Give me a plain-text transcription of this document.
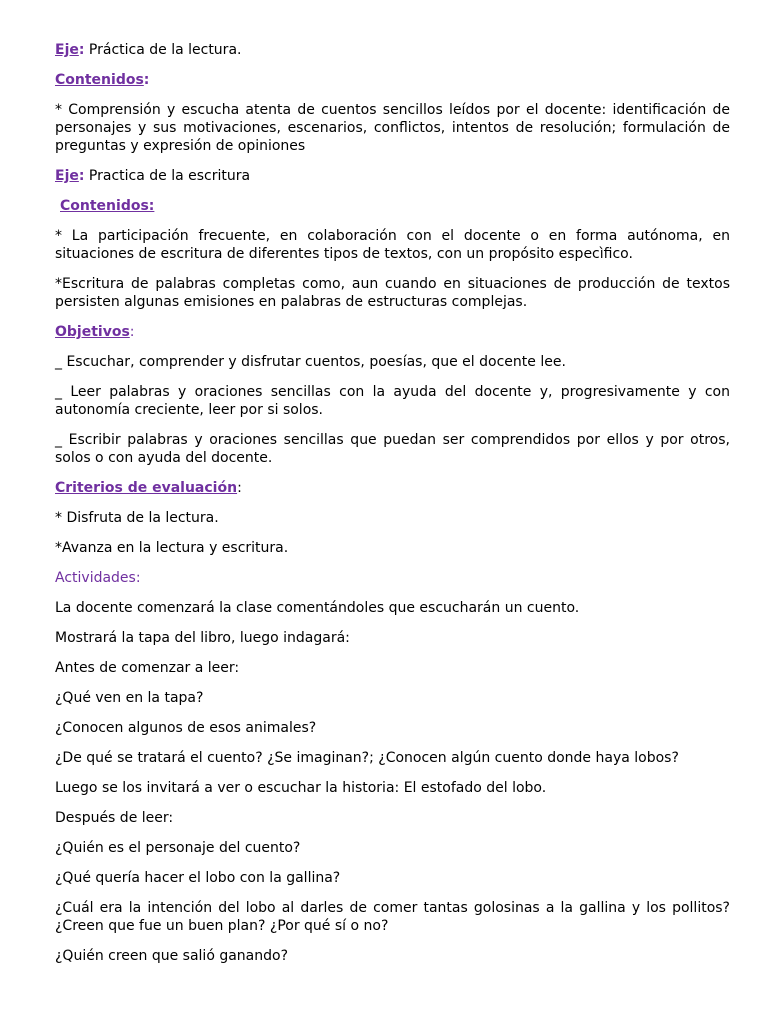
Eje: Práctica de la lectura.

Contenidos:

* Comprensión y escucha atenta de cuentos sencillos leídos por el docente: identificación de personajes y sus motivaciones, escenarios, conflictos, intentos de resolución; formulación de preguntas y expresión de opiniones

Eje: Practica de la escritura

Contenidos:

* La participación frecuente, en colaboración con el docente o en forma autónoma, en situaciones de escritura de diferentes tipos de textos, con un propósito especìfico.

*Escritura de palabras completas como, aun cuando en situaciones de producción de textos persisten algunas emisiones en palabras de estructuras complejas.

Objetivos:

_ Escuchar, comprender y disfrutar cuentos, poesías, que el docente lee.

_ Leer palabras y oraciones sencillas con la ayuda del docente y, progresivamente y con autonomía creciente, leer por si solos.

_ Escribir palabras y oraciones sencillas que puedan ser comprendidos por ellos y por otros, solos o con ayuda del docente.

Criterios de evaluación:

* Disfruta de la lectura.

*Avanza en la lectura y escritura.

Actividades:

La docente comenzará la clase comentándoles que escucharán un cuento.

Mostrará la tapa del libro, luego indagará:

Antes de comenzar a leer:

¿Qué ven en la tapa?

¿Conocen algunos de esos animales?

¿De qué se tratará el cuento? ¿Se imaginan?; ¿Conocen algún cuento donde haya lobos?

Luego se los invitará a ver o escuchar la historia: El estofado del lobo.

Después de leer:

¿Quién es el personaje del cuento?

¿Qué quería hacer el lobo con la gallina?

¿Cuál era la intención del lobo al darles de comer tantas golosinas a la gallina y los pollitos? ¿Creen que fue un buen plan? ¿Por qué sí o no?

¿Quién creen que salió ganando?
